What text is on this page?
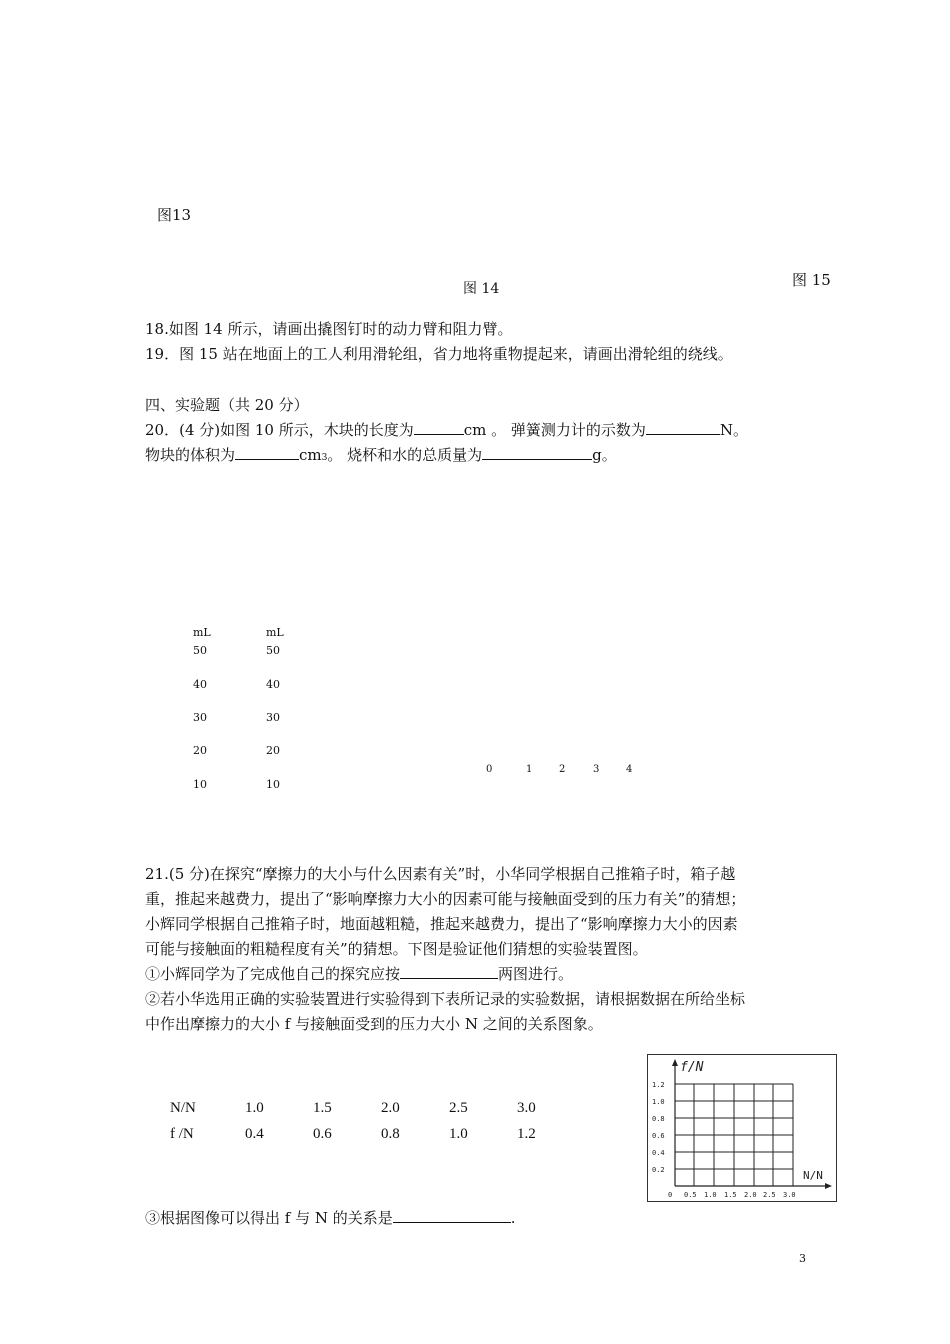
图13
图 14	图 15
18.如图 14 所示，请画出撬图钉时的动力臂和阻力臂。
19．图 15 站在地面上的工人利用滑轮组，省力地将重物提起来，请画出滑轮组的绕线。
四、实验题（共 20 分）
20．(4 分)如图 10 所示，木块的长度为	cm 。 弹簧测力计的示数为	N。
物块的体积为	cm3。 烧杯和水的总质量为	g。
mL
50
40
30
20
10
mL
50
40
30
20
10
0	1	2	3	4
21.(5 分)在探究“摩擦力的大小与什么因素有关”时，小华同学根据自己推箱子时，箱子越
重，推起来越费力，提出了“影响摩擦力大小的因素可能与接触面受到的压力有关”的猜想；
小辉同学根据自己推箱子时，地面越粗糙，推起来越费力，提出了“影响摩擦力大小的因素
可能与接触面的粗糙程度有关”的猜想。下图是验证他们猜想的实验装置图。
①小辉同学为了完成他自己的探究应按	两图进行。
②若小华选用正确的实验装置进行实验得到下表所记录的实验数据，请根据数据在所给坐标
中作出摩擦力的大小 f 与接触面受到的压力大小 N 之间的关系图象。
N/N	1.0	1.5	2.0	2.5	3.0
f /N	0.4	0.6	0.8	1.0	1.2
f/N
N/N
1.2
1.0
0.8
0.6
0.4
0.2
0 0.5 1.0 1.5 2.0 2.5 3.0
③根据图像可以得出 f 与 N 的关系是	.
3
